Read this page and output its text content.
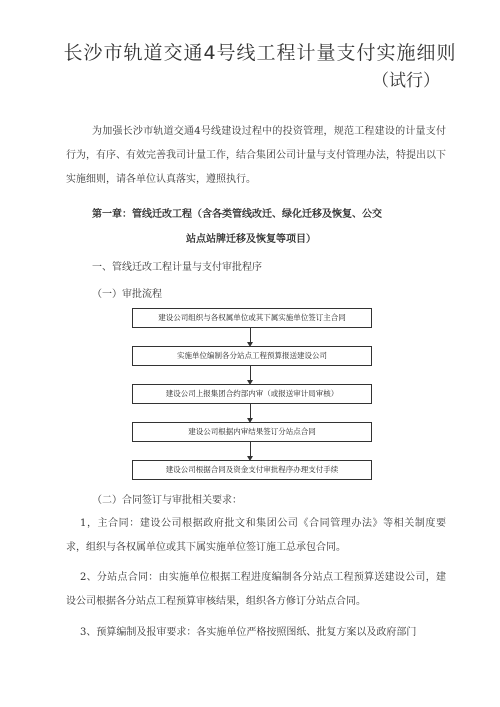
长沙市轨道交通4号线工程计量支付实施细则
（试行）
为加强长沙市轨道交通4号线建设过程中的投资管理，规范工程建设的计量支付行为，有序、有效完善我司计量工作，结合集团公司计量与支付管理办法，特提出以下实施细则，请各单位认真落实，遵照执行。
第一章：管线迁改工程（含各类管线改迁、绿化迁移及恢复、公交
站点站牌迁移及恢复等项目）
一、管线迁改工程计量与支付审批程序
（一）审批流程
建设公司组织与各权属单位或其下属实施单位签订主合同
实施单位编制各分站点工程预算报送建设公司
建设公司上报集团合约部内审（或报送审计局审核）
建设公司根据内审结果签订分站点合同
建设公司根据合同及资金支付审批程序办理支付手续
（二）合同签订与审批相关要求：
1，主合同：建设公司根据政府批文和集团公司《合同管理办法》等相关制度要求，组织与各权属单位或其下属实施单位签订施工总承包合同。
2、分站点合同：由实施单位根据工程进度编制各分站点工程预算送建设公司，建设公司根据各分站点工程预算审核结果，组织各方修订分站点合同。
3、预算编制及报审要求：各实施单位严格按照图纸、批复方案以及政府部门
